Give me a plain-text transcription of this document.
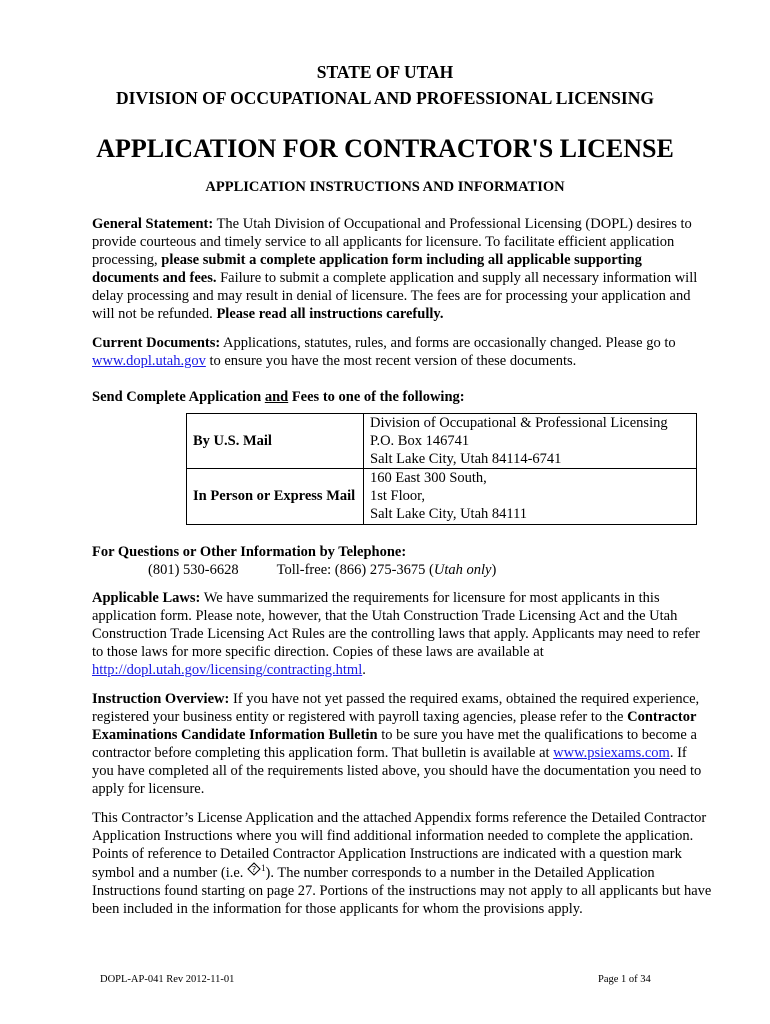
STATE OF UTAH
DIVISION OF OCCUPATIONAL AND PROFESSIONAL LICENSING
APPLICATION FOR CONTRACTOR'S LICENSE
APPLICATION INSTRUCTIONS AND INFORMATION
General Statement: The Utah Division of Occupational and Professional Licensing (DOPL) desires to provide courteous and timely service to all applicants for licensure. To facilitate efficient application processing, please submit a complete application form including all applicable supporting documents and fees. Failure to submit a complete application and supply all necessary information will delay processing and may result in denial of licensure. The fees are for processing your application and will not be refunded. Please read all instructions carefully.
Current Documents: Applications, statutes, rules, and forms are occasionally changed. Please go to www.dopl.utah.gov to ensure you have the most recent version of these documents.
Send Complete Application and Fees to one of the following:
By U.S. Mail	Division of Occupational & Professional Licensing
P.O. Box 146741
Salt Lake City, Utah 84114-6741

In Person or Express Mail	160 East 300 South,
1st Floor,
Salt Lake City, Utah 84111
For Questions or Other Information by Telephone:
(801) 530-6628	Toll-free: (866) 275-3675 (Utah only)
Applicable Laws: We have summarized the requirements for licensure for most applicants in this application form. Please note, however, that the Utah Construction Trade Licensing Act and the Utah Construction Trade Licensing Act Rules are the controlling laws that apply. Applicants may need to refer to those laws for more specific direction. Copies of these laws are available at http://dopl.utah.gov/licensing/contracting.html.
Instruction Overview: If you have not yet passed the required exams, obtained the required experience, registered your business entity or registered with payroll taxing agencies, please refer to the Contractor Examinations Candidate Information Bulletin to be sure you have met the qualifications to become a contractor before completing this application form. That bulletin is available at www.psiexams.com. If you have completed all of the requirements listed above, you should have the documentation you need to apply for licensure.
This Contractor’s License Application and the attached Appendix forms reference the Detailed Contractor Application Instructions where you will find additional information needed to complete the application. Points of reference to Detailed Contractor Application Instructions are indicated with a question mark symbol and a number (i.e. ? $^1$). The number corresponds to a number in the Detailed Application Instructions found starting on page 27. Portions of the instructions may not apply to all applicants but have been included in the information for those applicants for whom the provisions apply.
DOPL-AP-041 Rev 2012-11-01	Page 1 of 34
